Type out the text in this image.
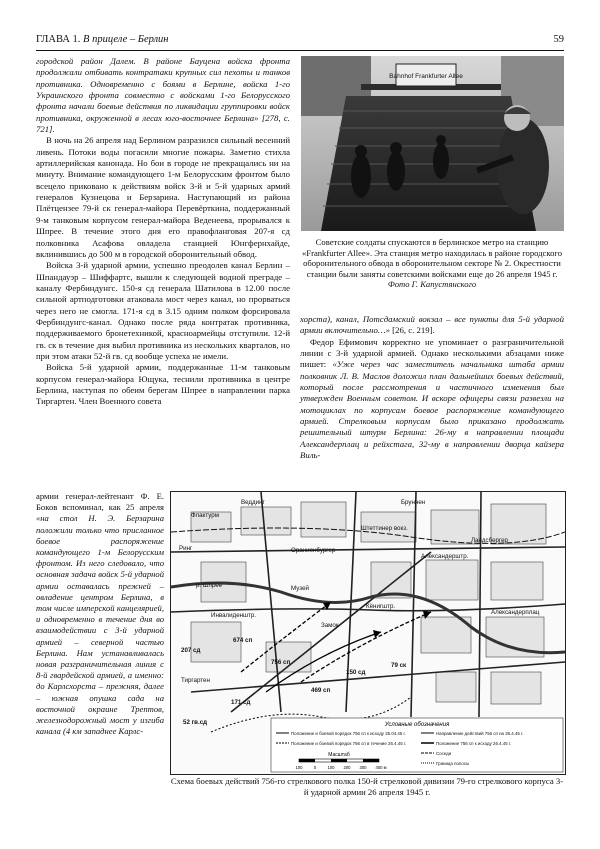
ГЛАВА 1. В прицеле – Берлин	59

городской район Далем. В районе Бауцена войска фронта продолжали отбивать контратаки крупных сил пехоты и танков противника. Одновременно с боями в Берлине, войска 1-го Украинского фронта совместно с войсками 1-го Белорусского фронта начали боевые действия по ликвидации группировки войск противника, окруженной в лесах юго-восточнее Берлина» [278, с. 721].

В ночь на 26 апреля над Берлином разразился сильный весенний ливень. Потоки воды погасили многие пожары. Заметно стихла артиллерийская канонада. Но бои в городе не прекращались ни на минуту. Внимание командующего 1-м Белорусским фронтом было всецело приковано к действиям войск 3-й и 5-й ударных армий генералов Кузнецова и Берзарина. Наступающий из района Плётцензее 79-й ск генерал-майора Перевёрткина, поддержанный 9-м танковым корпусом генерал-майора Веденеева, прорывался к Шпрее. В течение этого дня его правофланговая 207-я сд полковника Асафова овладела станцией Юнгфернхайде, вклинившись до 500 м в городской оборонительный обвод.

Войска 3-й ударной армии, успешно преодолев канал Берлин – Шпандауэр – Шиффартс, вышли к следующей водной преграде – каналу Фербиндунгс. 150-я сд генерала Шатилова в 12.00 после сильной артподготовки атаковала мост через канал, но прорваться через него не смогла. 171-я сд в 3.15 одним полком форсировала Фербиндунгс-канал. Однако после ряда контратак противника, поддерживаемого бронетехникой, красноармейцы отступили. 12-й гв. ск в течение дня выбил противника из нескольких кварталов, но при этом атаки 52-й гв. сд вообще успеха не имели.

Войска 5-й ударной армии, поддержанные 11-м танковым корпусом генерал-майора Ющука, теснили противника в центре Берлина, наступая по обеим берегам Шпрее в направлении парка Тиргартен. Член Военного совета

армии генерал-лейтенант Ф. Е. Боков вспоминал, как 25 апреля «на стол Н. Э. Берзарина положили только что присланное боевое распоряжение командующего 1-м Белорусским фронтом. Из него следовало, что основная задача войск 5-й ударной армии оставалась прежней – овладение центром Берлина, в том числе имперской канцелярией, и одновременно в течение дня во взаимодействии с 3-й ударной армией – северной частью Берлина. Нам устанавливалась новая разграничительная линия с 8-й гвардейской армией, а именно: до Карлсхорста – прежняя, далее – южная опушка сада на восточной окраине Трептов, железнодорожный мост у изгиба канала (4 км западнее Карлс-

Bahnhof Frankfurter Allee
Советские солдаты спускаются в берлинское метро на станцию «Frankfurter Allee». Эта станция метро находилась в районе городского оборонительного обвода в оборонительном секторе № 2. Окрестности станции были заняты советскими войсками еще до 26 апреля 1945 г.
Фото Г. Капустянского

хорста), канал, Потсдамский вокзал – все пункты для 5-й ударной армии включительно…» [26, с. 219].

Федор Ефимович корректно не упоминает о разграничительной линии с 3-й ударной армией. Однако несколькими абзацами ниже пишет: «Уже через час заместитель начальника штаба армии полковник Л. В. Маслов доложил план дальнейших боевых действий, который после рассмотрения и частичного изменения был утвержден Военным советом. И вскоре офицеры связи развезли на мотоциклах по корпусам боевое распоряжение командующего армией. Стрелковым корпусам было приказано продолжать решительный штурм Берлина: 26-му в направлении площади Александерплац и рейхстага, 32-му в направлении дворца кайзера Виль-

Ринг
Ландсбергер
Александерштр.
Кёнигштр.
Александерплац
р. Шпрее	Музей
Замок
Тиргартен
Флактурм
Ораниенбургер
Инвалиденштр.
Штеттинер вокз.
Веддинг	Бруннен
756 сп
469 сп
674 сп
150 сд
171 сд
207 сд
79 ск
52 гв.сд	Условные обозначения
Положение и боевой порядок 756 сп к исходу 25.04.45 г.
Положение и боевой порядок 756 сп в течение 26.4.45 г.
Направление действий 756 сп на 26.4.45 г.
Положение 756 сп к исходу 26.4.45 г.
Соседи
Граница полосы
Масштаб
100	0	100 200 300 400 м
Схема боевых действий 756-го стрелкового полка 150-й стрелковой дивизии 79-го стрелкового корпуса 3-й ударной армии 26 апреля 1945 г.
